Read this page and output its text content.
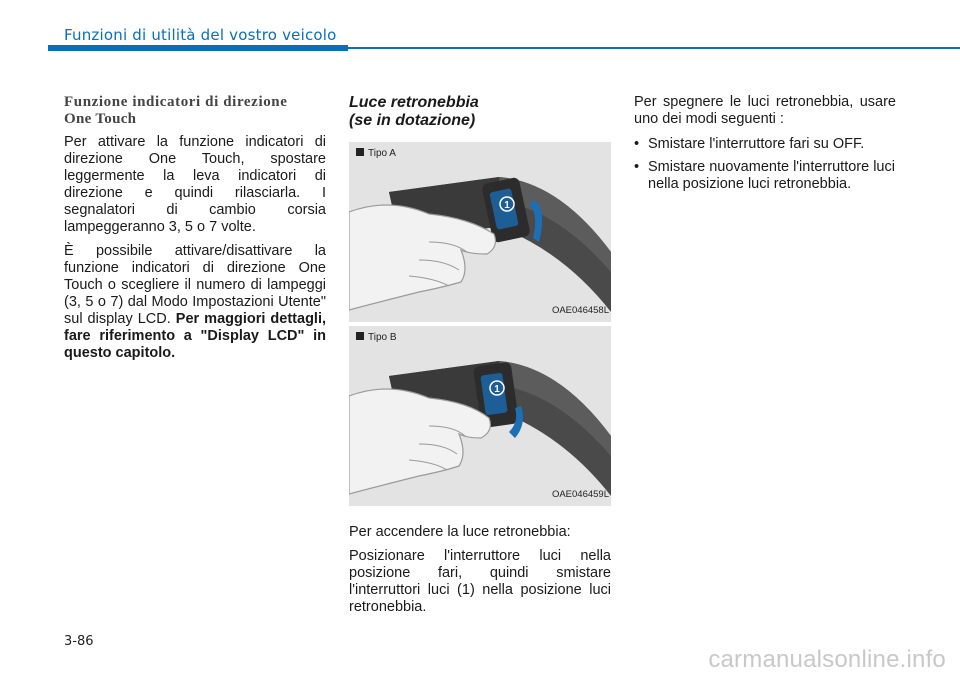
Funzioni di utilità del vostro veicolo
Funzione indicatori di direzione
One Touch

Per attivare la funzione indicatori di direzione One Touch, spostare leggermente la leva indicatori di direzione e quindi rilasciarla. I segnalatori di cambio corsia lampeggeranno 3, 5 o 7 volte.

È possibile attivare/disattivare la funzione indicatori di direzione One Touch o scegliere il numero di lampeggi (3, 5 o 7) dal Modo Impostazioni Utente" sul display LCD. Per maggiori dettagli, fare riferimento a "Display LCD" in questo capitolo.

Luce retronebbia
(se in dotazione)
1
Tipo A
OAE046458L
1
Tipo B
OAE046459L

Per accendere la luce retronebbia:

Posizionare l'interruttore luci nella posizione fari, quindi smistare l'interruttori luci (1) nella posizione luci retronebbia.

Per spegnere le luci retronebbia, usare uno dei modi seguenti :

• Smistare l'interruttore fari su OFF.
• Smistare nuovamente l'interruttore luci nella posizione luci retronebbia.
3-86
carmanualsonline.info
